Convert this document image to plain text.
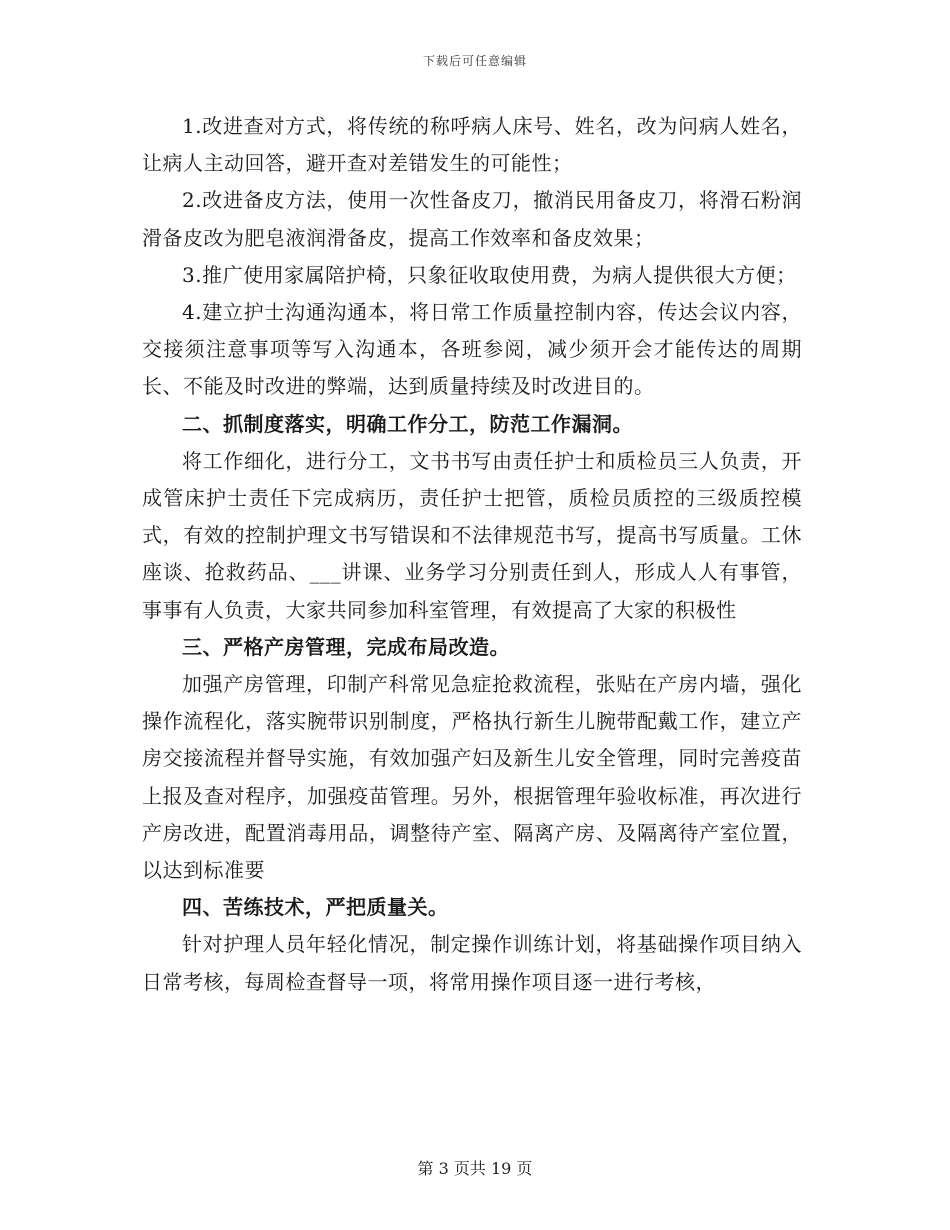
下载后可任意编辑

1.改进查对方式，将传统的称呼病人床号、姓名，改为问病人姓名，让病人主动回答，避开查对差错发生的可能性；

2.改进备皮方法，使用一次性备皮刀，撤消民用备皮刀，将滑石粉润滑备皮改为肥皂液润滑备皮，提高工作效率和备皮效果；

3.推广使用家属陪护椅，只象征收取使用费，为病人提供很大方便；

4.建立护士沟通沟通本，将日常工作质量控制内容，传达会议内容，交接须注意事项等写入沟通本，各班参阅，减少须开会才能传达的周期长、不能及时改进的弊端，达到质量持续及时改进目的。

二、抓制度落实，明确工作分工，防范工作漏洞。

将工作细化，进行分工，文书书写由责任护士和质检员三人负责，开成管床护士责任下完成病历，责任护士把管，质检员质控的三级质控模式，有效的控制护理文书写错误和不法律规范书写，提高书写质量。工休座谈、抢救药品、___讲课、业务学习分别责任到人，形成人人有事管，事事有人负责，大家共同参加科室管理，有效提高了大家的积极性

三、严格产房管理，完成布局改造。

加强产房管理，印制产科常见急症抢救流程，张贴在产房内墙，强化操作流程化，落实腕带识别制度，严格执行新生儿腕带配戴工作，建立产房交接流程并督导实施，有效加强产妇及新生儿安全管理，同时完善疫苗上报及查对程序，加强疫苗管理。另外，根据管理年验收标准，再次进行产房改进，配置消毒用品，调整待产室、隔离产房、及隔离待产室位置，以达到标准要

四、苦练技术，严把质量关。

针对护理人员年轻化情况，制定操作训练计划，将基础操作项目纳入日常考核，每周检查督导一项，将常用操作项目逐一进行考核，

第 3 页共 19 页
